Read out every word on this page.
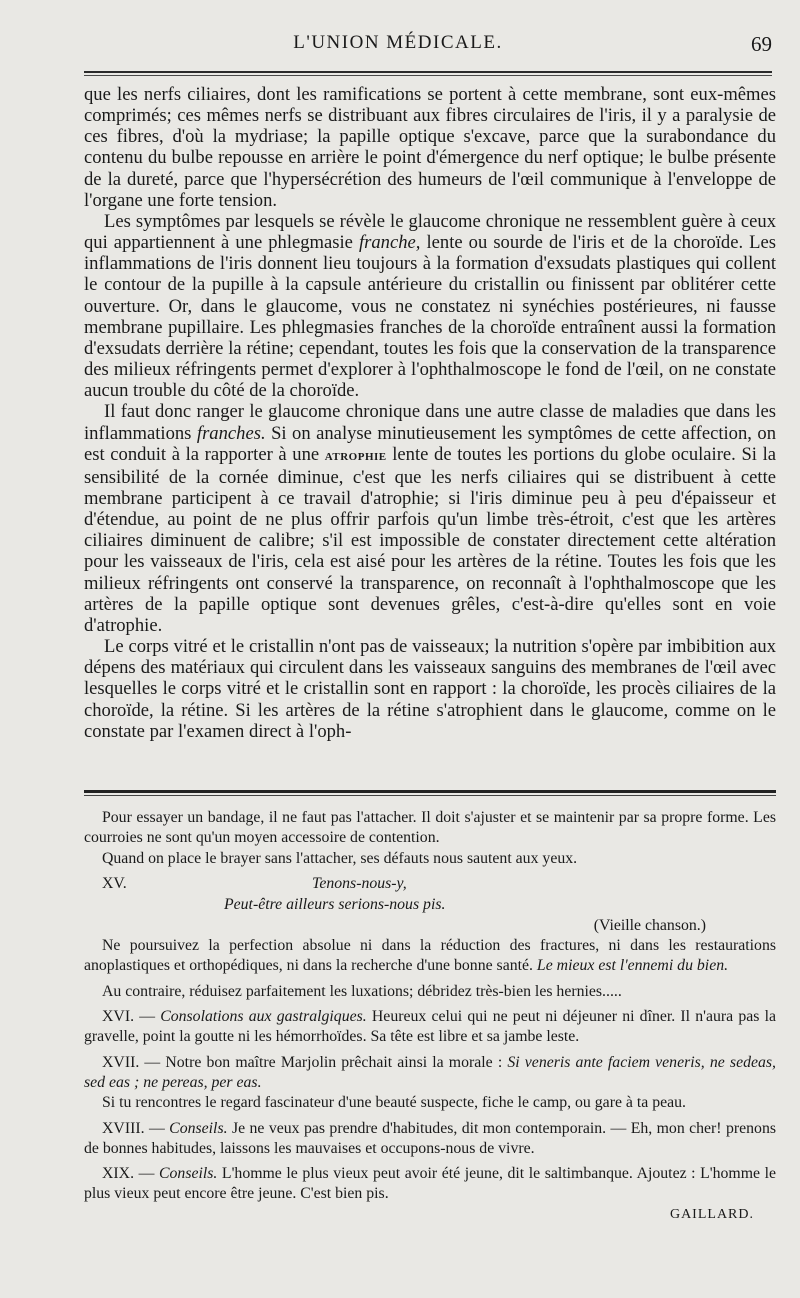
L'UNION MÉDICALE.	69

que les nerfs ciliaires, dont les ramifications se portent à cette membrane, sont eux-mêmes comprimés; ces mêmes nerfs se distribuant aux fibres circulaires de l'iris, il y a paralysie de ces fibres, d'où la mydriase; la papille optique s'excave, parce que la surabondance du contenu du bulbe repousse en arrière le point d'émergence du nerf optique; le bulbe présente de la dureté, parce que l'hypersécrétion des humeurs de l'œil communique à l'enveloppe de l'organe une forte tension.

Les symptômes par lesquels se révèle le glaucome chronique ne ressemblent guère à ceux qui appartiennent à une phlegmasie franche, lente ou sourde de l'iris et de la choroïde. Les inflammations de l'iris donnent lieu toujours à la formation d'exsudats plastiques qui collent le contour de la pupille à la capsule antérieure du cristallin ou finissent par oblitérer cette ouverture. Or, dans le glaucome, vous ne constatez ni synéchies postérieures, ni fausse membrane pupillaire. Les phlegmasies franches de la choroïde entraînent aussi la formation d'exsudats derrière la rétine; cependant, toutes les fois que la conservation de la transparence des milieux réfringents permet d'explorer à l'ophthalmoscope le fond de l'œil, on ne constate aucun trouble du côté de la choroïde.

Il faut donc ranger le glaucome chronique dans une autre classe de maladies que dans les inflammations franches. Si on analyse minutieusement les symptômes de cette affection, on est conduit à la rapporter à une atrophie lente de toutes les portions du globe oculaire. Si la sensibilité de la cornée diminue, c'est que les nerfs ciliaires qui se distribuent à cette membrane participent à ce travail d'atrophie; si l'iris diminue peu à peu d'épaisseur et d'étendue, au point de ne plus offrir parfois qu'un limbe très-étroit, c'est que les artères ciliaires diminuent de calibre; s'il est impossible de constater directement cette altération pour les vaisseaux de l'iris, cela est aisé pour les artères de la rétine. Toutes les fois que les milieux réfringents ont conservé la transparence, on reconnaît à l'ophthalmoscope que les artères de la papille optique sont devenues grêles, c'est-à-dire qu'elles sont en voie d'atrophie.

Le corps vitré et le cristallin n'ont pas de vaisseaux; la nutrition s'opère par imbibition aux dépens des matériaux qui circulent dans les vaisseaux sanguins des membranes de l'œil avec lesquelles le corps vitré et le cristallin sont en rapport : la choroïde, les procès ciliaires de la choroïde, la rétine. Si les artères de la rétine s'atrophient dans le glaucome, comme on le constate par l'examen direct à l'oph-

Pour essayer un bandage, il ne faut pas l'attacher. Il doit s'ajuster et se maintenir par sa propre forme. Les courroies ne sont qu'un moyen accessoire de contention.

Quand on place le brayer sans l'attacher, ses défauts nous sautent aux yeux.

XV.	Tenons-nous-y,
Peut-être ailleurs serions-nous pis.

(Vieille chanson.)

Ne poursuivez la perfection absolue ni dans la réduction des fractures, ni dans les restaurations anoplastiques et orthopédiques, ni dans la recherche d'une bonne santé. Le mieux est l'ennemi du bien.

Au contraire, réduisez parfaitement les luxations; débridez très-bien les hernies.....

XVI. — Consolations aux gastralgiques. Heureux celui qui ne peut ni déjeuner ni dîner. Il n'aura pas la gravelle, point la goutte ni les hémorrhoïdes. Sa tête est libre et sa jambe leste.

XVII. — Notre bon maître Marjolin prêchait ainsi la morale : Si veneris ante faciem veneris, ne sedeas, sed eas ; ne pereas, per eas.

Si tu rencontres le regard fascinateur d'une beauté suspecte, fiche le camp, ou gare à ta peau.

XVIII. — Conseils. Je ne veux pas prendre d'habitudes, dit mon contemporain. — Eh, mon cher! prenons de bonnes habitudes, laissons les mauvaises et occupons-nous de vivre.

XIX. — Conseils. L'homme le plus vieux peut avoir été jeune, dit le saltimbanque. Ajoutez : L'homme le plus vieux peut encore être jeune. C'est bien pis.

GAILLARD.
